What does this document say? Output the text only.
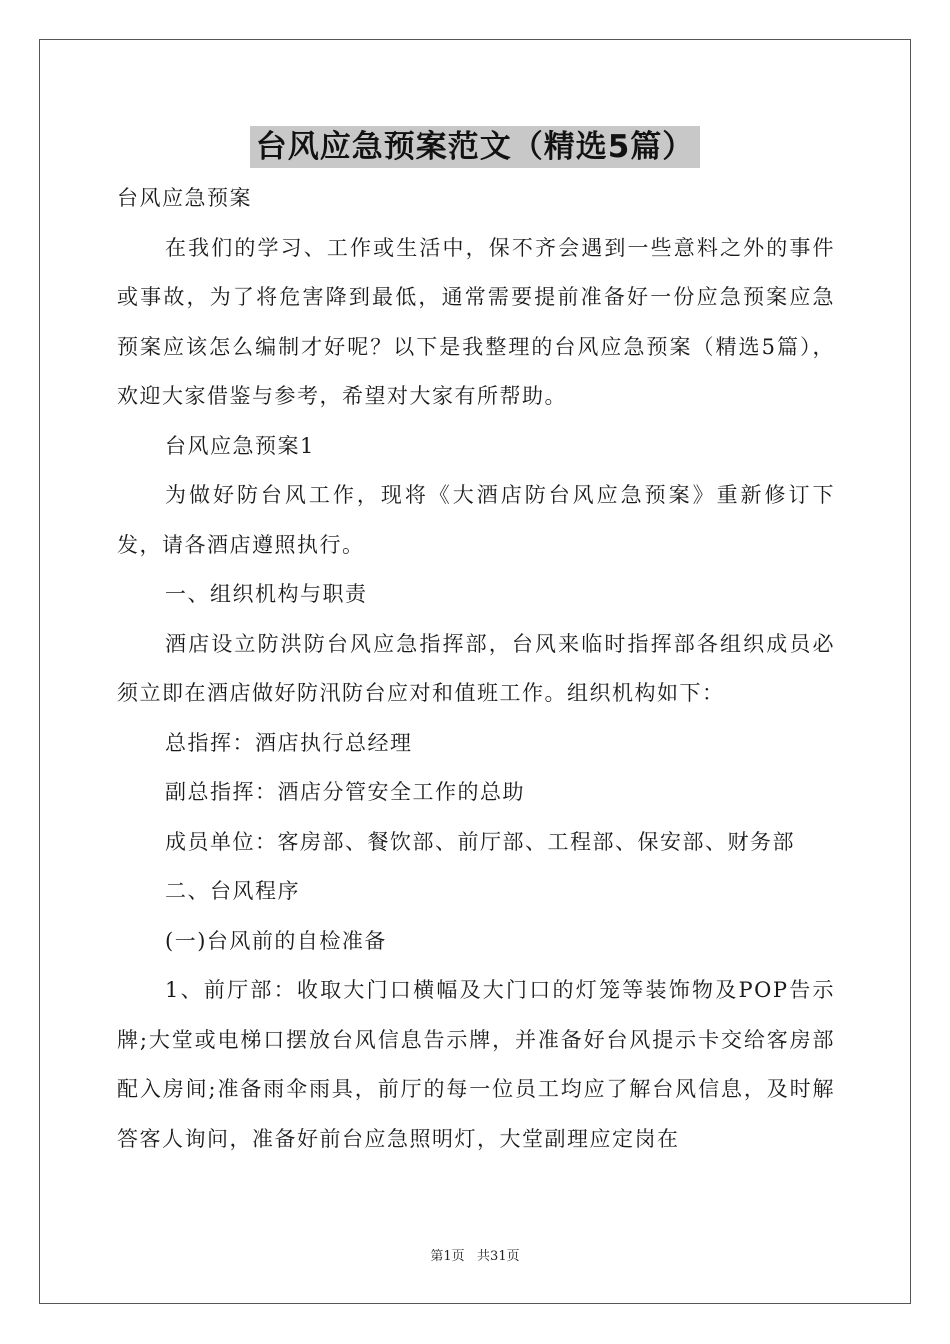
台风应急预案范文（精选5篇）

台风应急预案

在我们的学习、工作或生活中，保不齐会遇到一些意料之外的事件或事故，为了将危害降到最低，通常需要提前准备好一份应急预案应急预案应该怎么编制才好呢？以下是我整理的台风应急预案（精选5篇），欢迎大家借鉴与参考，希望对大家有所帮助。

台风应急预案1

为做好防台风工作，现将《大酒店防台风应急预案》重新修订下发，请各酒店遵照执行。

一、组织机构与职责

酒店设立防洪防台风应急指挥部，台风来临时指挥部各组织成员必须立即在酒店做好防汛防台应对和值班工作。组织机构如下：

总指挥：酒店执行总经理

副总指挥：酒店分管安全工作的总助

成员单位：客房部、餐饮部、前厅部、工程部、保安部、财务部

二、台风程序

(一)台风前的自检准备

1、前厅部：收取大门口横幅及大门口的灯笼等装饰物及POP告示牌;大堂或电梯口摆放台风信息告示牌，并准备好台风提示卡交给客房部配入房间;准备雨伞雨具，前厅的每一位员工均应了解台风信息，及时解答客人询问，准备好前台应急照明灯，大堂副理应定岗在

第1页   共31页
